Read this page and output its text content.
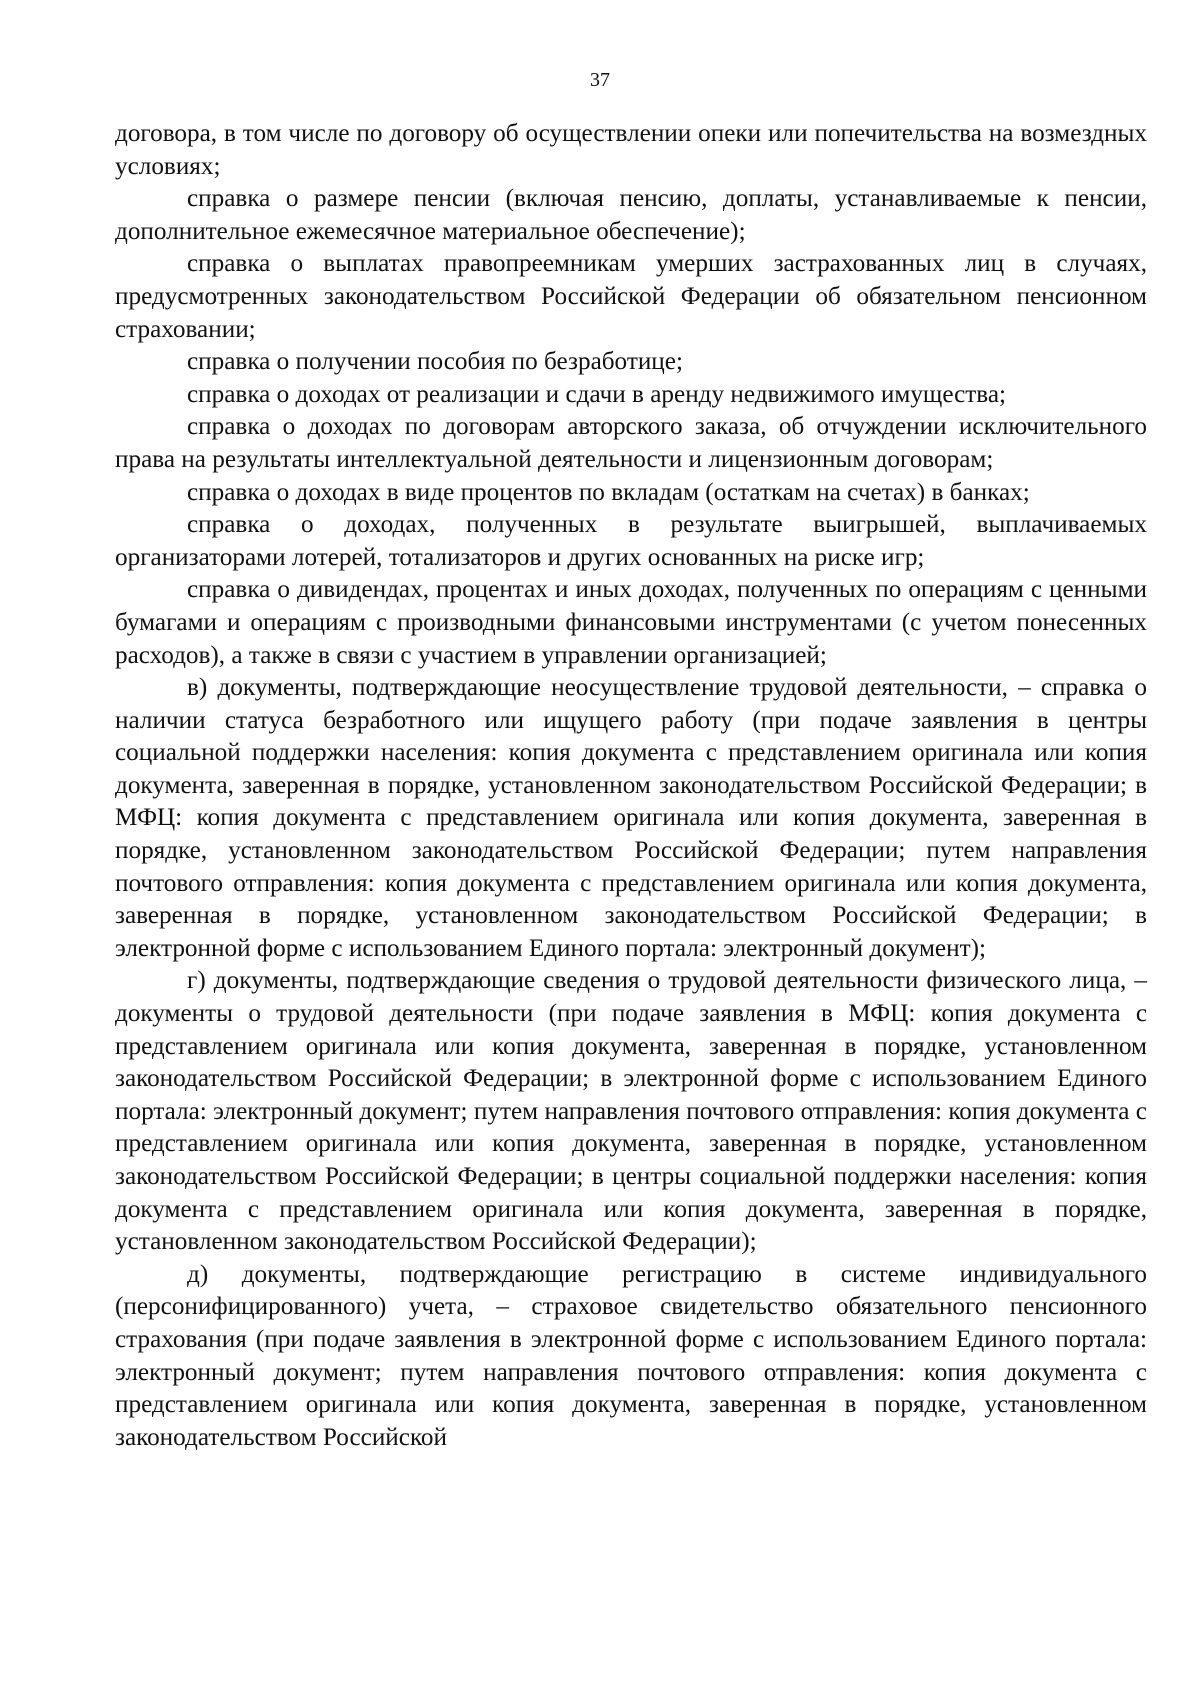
37

договора, в том числе по договору об осуществлении опеки или попечительства на возмездных условиях;

справка о размере пенсии (включая пенсию, доплаты, устанавливаемые к пенсии, дополнительное ежемесячное материальное обеспечение);

справка о выплатах правопреемникам умерших застрахованных лиц в случаях, предусмотренных законодательством Российской Федерации об обязательном пенсионном страховании;

справка о получении пособия по безработице;

справка о доходах от реализации и сдачи в аренду недвижимого имущества;

справка о доходах по договорам авторского заказа, об отчуждении исключительного права на результаты интеллектуальной деятельности и лицензионным договорам;

справка о доходах в виде процентов по вкладам (остаткам на счетах) в банках;

справка о доходах, полученных в результате выигрышей, выплачиваемых организаторами лотерей, тотализаторов и других основанных на риске игр;

справка о дивидендах, процентах и иных доходах, полученных по операциям с ценными бумагами и операциям с производными финансовыми инструментами (с учетом понесенных расходов), а также в связи с участием в управлении организацией;

в) документы, подтверждающие неосуществление трудовой деятельности, – справка о наличии статуса безработного или ищущего работу (при подаче заявления в центры социальной поддержки населения: копия документа с представлением оригинала или копия документа, заверенная в порядке, установленном законодательством Российской Федерации; в МФЦ: копия документа с представлением оригинала или копия документа, заверенная в порядке, установленном законодательством Российской Федерации; путем направления почтового отправления: копия документа с представлением оригинала или копия документа, заверенная в порядке, установленном законодательством Российской Федерации; в электронной форме с использованием Единого портала: электронный документ);

г) документы, подтверждающие сведения о трудовой деятельности физического лица, – документы о трудовой деятельности (при подаче заявления в МФЦ: копия документа с представлением оригинала или копия документа, заверенная в порядке, установленном законодательством Российской Федерации; в электронной форме с использованием Единого портала: электронный документ; путем направления почтового отправления: копия документа с представлением оригинала или копия документа, заверенная в порядке, установленном законодательством Российской Федерации; в центры социальной поддержки населения: копия документа с представлением оригинала или копия документа, заверенная в порядке, установленном законодательством Российской Федерации);

д) документы, подтверждающие регистрацию в системе индивидуального (персонифицированного) учета, – страховое свидетельство обязательного пенсионного страхования (при подаче заявления в электронной форме с использованием Единого портала: электронный документ; путем направления почтового отправления: копия документа с представлением оригинала или копия документа, заверенная в порядке, установленном законодательством Российской
